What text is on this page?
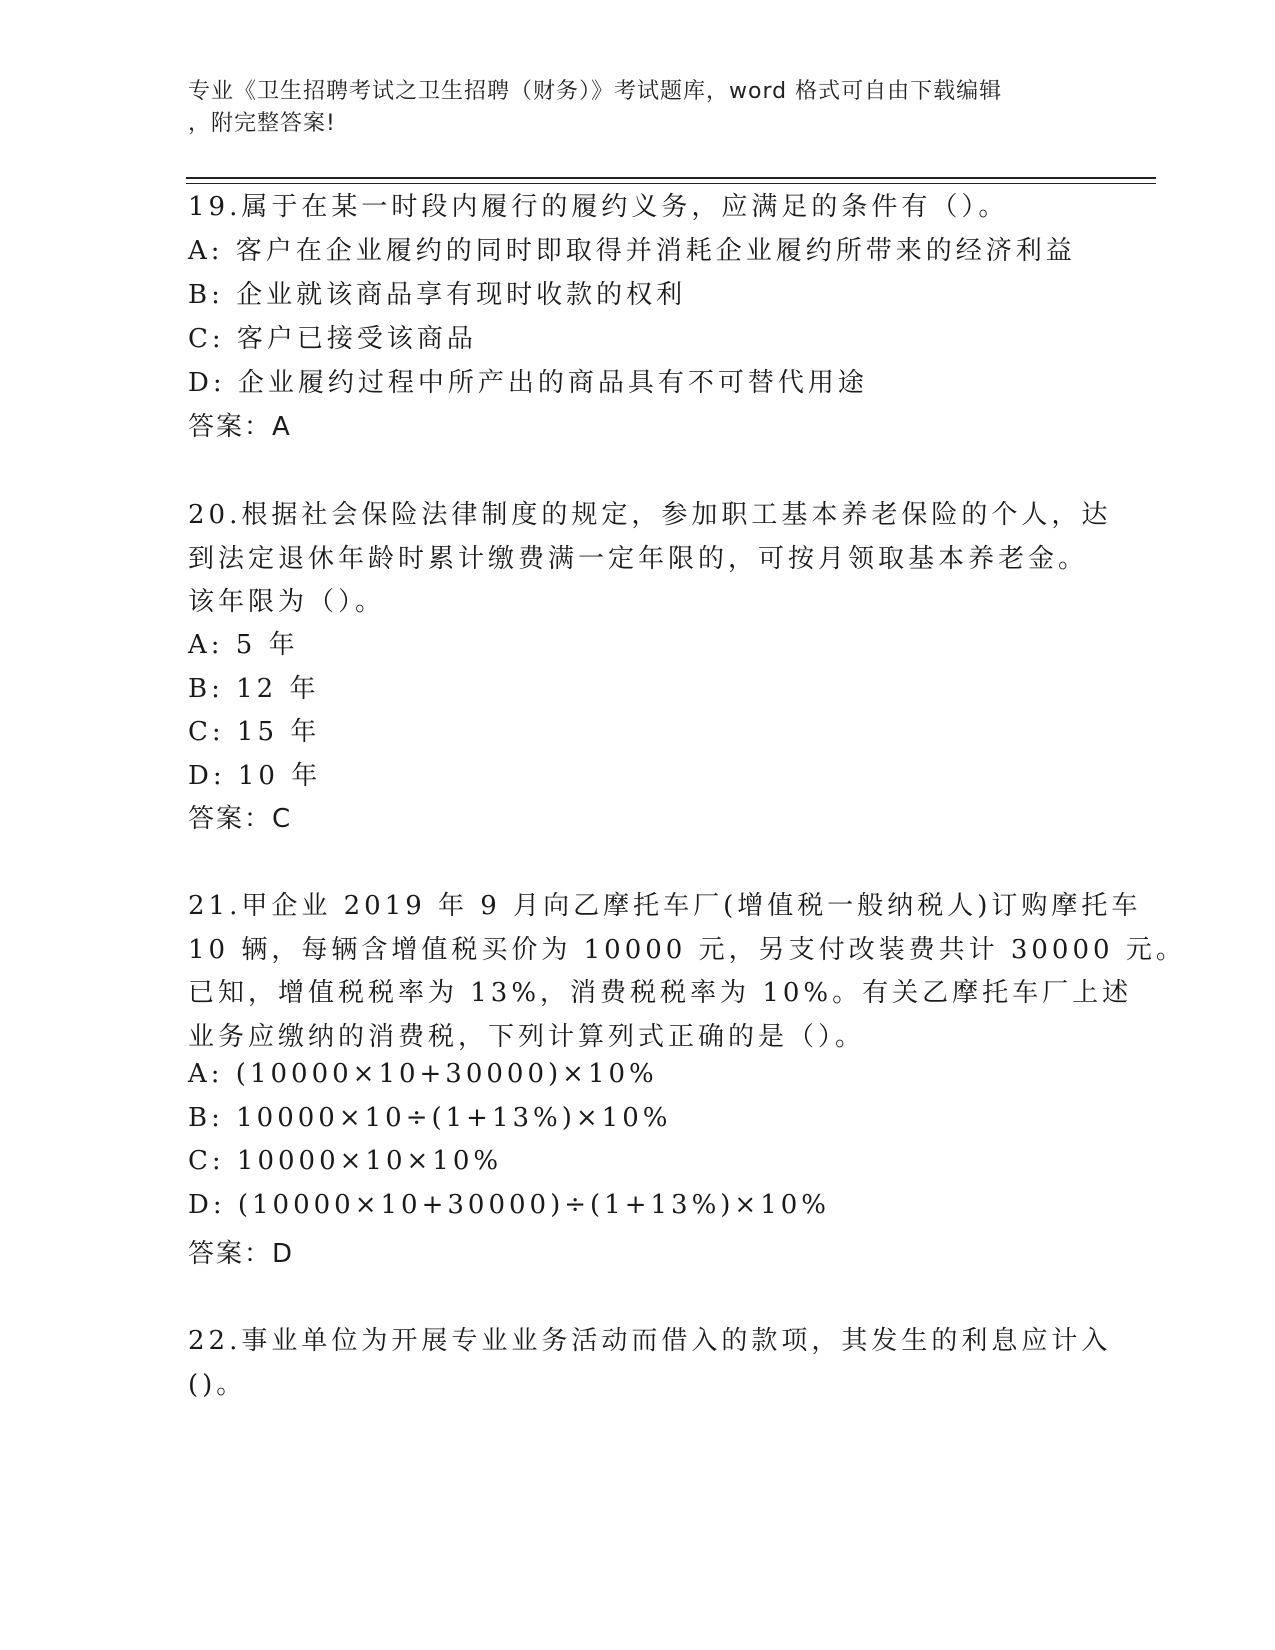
专业《卫生招聘考试之卫生招聘（财务）》考试题库，word 格式可自由下载编辑
，附完整答案!
19.属于在某一时段内履行的履约义务，应满足的条件有（）。
A: 客户在企业履约的同时即取得并消耗企业履约所带来的经济利益
B: 企业就该商品享有现时收款的权利
C: 客户已接受该商品
D: 企业履约过程中所产出的商品具有不可替代用途
答案：A
20.根据社会保险法律制度的规定，参加职工基本养老保险的个人，达
到法定退休年龄时累计缴费满一定年限的，可按月领取基本养老金。
该年限为（）。
A: 5 年
B: 12 年
C: 15 年
D: 10 年
答案：C
21.甲企业 2019 年 9 月向乙摩托车厂(增值税一般纳税人)订购摩托车
10 辆，每辆含增值税买价为 10000 元，另支付改装费共计 30000 元。
已知，增值税税率为 13%，消费税税率为 10%。有关乙摩托车厂上述
业务应缴纳的消费税，下列计算列式正确的是（）。
A: (10000×10+30000)×10%
B: 10000×10÷(1+13%)×10%
C: 10000×10×10%
D: (10000×10+30000)÷(1+13%)×10%
答案：D
22.事业单位为开展专业业务活动而借入的款项，其发生的利息应计入
()。
